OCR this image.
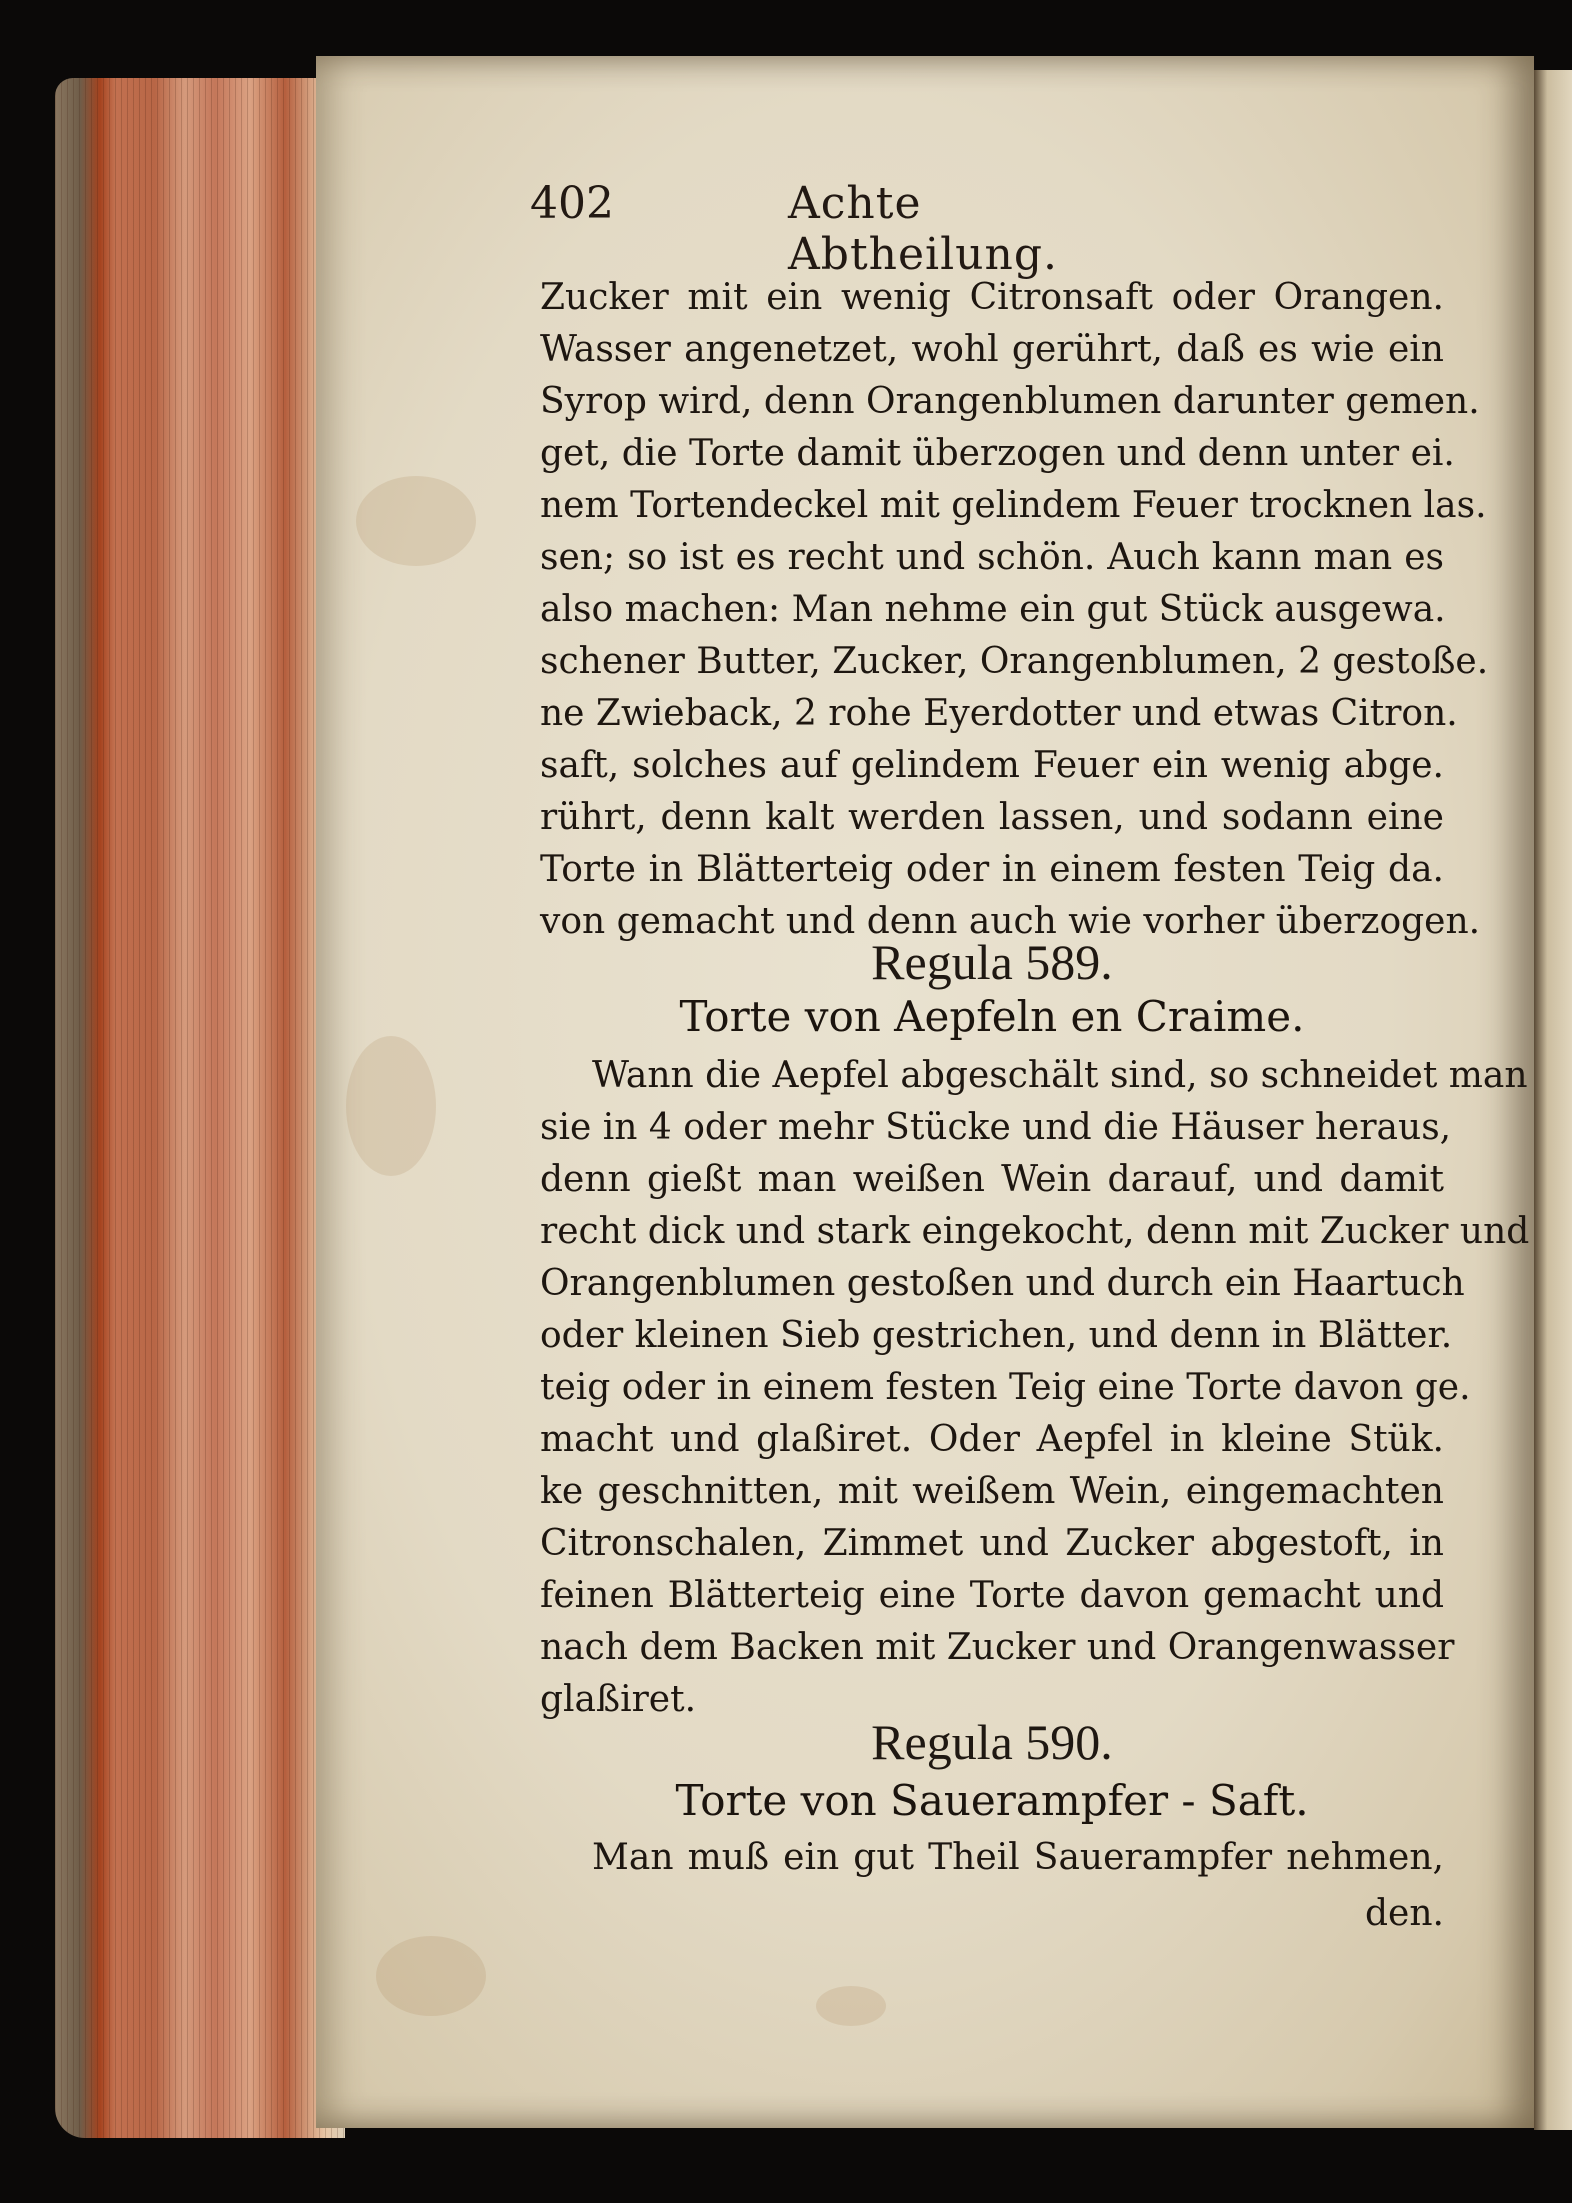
402	Achte Abtheilung.
Zucker mit ein wenig Citronsaft oder Orangen.
Wasser angenetzet, wohl gerührt, daß es wie ein
Syrop wird, denn Orangenblumen darunter gemen.
get, die Torte damit überzogen und denn unter ei.
nem Tortendeckel mit gelindem Feuer trocknen las.
sen; so ist es recht und schön. Auch kann man es
also machen: Man nehme ein gut Stück ausgewa.
schener Butter, Zucker, Orangenblumen, 2 gestoße.
ne Zwieback, 2 rohe Eyerdotter und etwas Citron.
saft, solches auf gelindem Feuer ein wenig abge.
rührt, denn kalt werden lassen, und sodann eine
Torte in Blätterteig oder in einem festen Teig da.
von gemacht und denn auch wie vorher überzogen.
Regula 589.
Torte von Aepfeln en Craime.
Wann die Aepfel abgeschält sind, so schneidet man
sie in 4 oder mehr Stücke und die Häuser heraus,
denn gießt man weißen Wein darauf, und damit
recht dick und stark eingekocht, denn mit Zucker und
Orangenblumen gestoßen und durch ein Haartuch
oder kleinen Sieb gestrichen, und denn in Blätter.
teig oder in einem festen Teig eine Torte davon ge.
macht und glaßiret. Oder Aepfel in kleine Stük.
ke geschnitten, mit weißem Wein, eingemachten
Citronschalen, Zimmet und Zucker abgestoft, in
feinen Blätterteig eine Torte davon gemacht und
nach dem Backen mit Zucker und Orangenwasser
glaßiret.
Regula 590.
Torte von Sauerampfer - Saft.
Man muß ein gut Theil Sauerampfer nehmen,
den.
